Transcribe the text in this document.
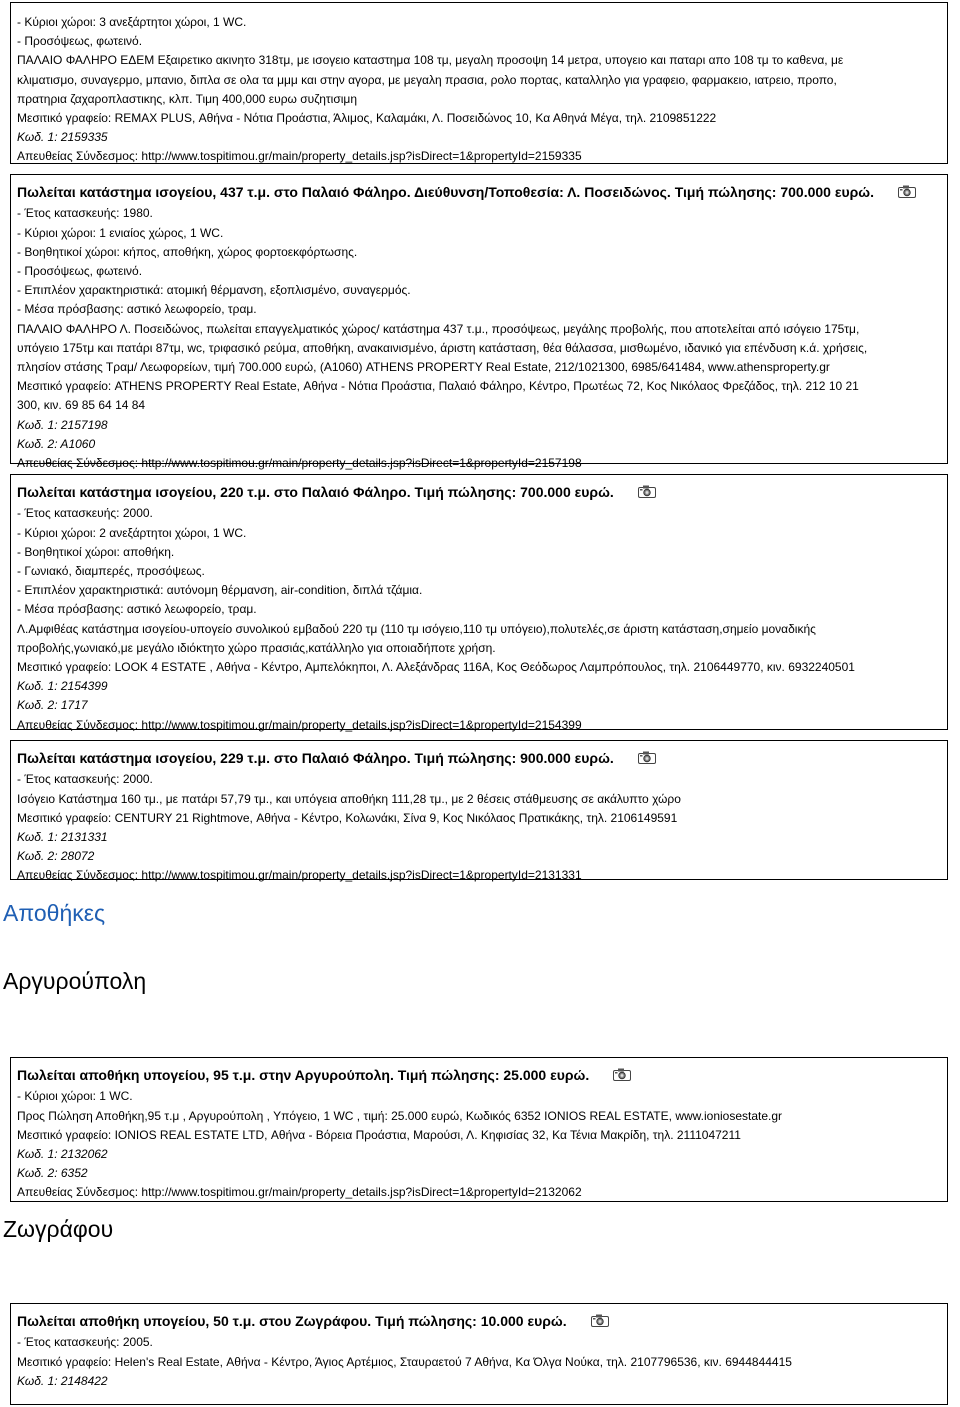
- Κύριοι χώροι: 3 ανεξάρτητοι χώροι, 1 WC.
- Προσόψεως, φωτεινό.
ΠΑΛΑΙΟ ΦΑΛΗΡΟ ΕΔΕΜ Εξαιρετικο ακινητο 318τμ, με ισογειο καταστημα 108 τμ, μεγαλη προσοψη 14 μετρα, υπογειο και παταρι απο 108 τμ το καθενα, με
κλιματισμο, συναγερμο, μπανιο, διπλα σε ολα τα μμμ και στην αγορα, με μεγαλη πρασια, ρολο πορτας, καταλληλο για γραφειο, φαρμακειο, ιατρειο, προπο,
πρατηρια ζαχαροπλαστικης, κλπ. Τιμη 400,000 ευρω συζητισιμη
Μεσιτικό γραφείο: REMAX PLUS, Αθήνα - Νότια Προάστια, Άλιμος, Καλαμάκι, Λ. Ποσειδώνος 10, Κα Αθηνά Μέγα, τηλ. 2109851222
Κωδ. 1: 2159335
Απευθείας Σύνδεσμος: http://www.tospitimou.gr/main/property_details.jsp?isDirect=1&propertyId=2159335
Πωλείται κατάστημα ισογείου, 437 τ.μ. στο Παλαιό Φάληρο. Διεύθυνση/Τοποθεσία: Λ. Ποσειδώνος. Τιμή πώλησης: 700.000 ευρώ.
- Έτος κατασκευής: 1980.
- Κύριοι χώροι: 1 ενιαίος χώρος, 1 WC.
- Βοηθητικοί χώροι: κήπος, αποθήκη, χώρος φορτοεκφόρτωσης.
- Προσόψεως, φωτεινό.
- Επιπλέον χαρακτηριστικά: ατομική θέρμανση, εξοπλισμένο, συναγερμός.
- Μέσα πρόσβασης: αστικό λεωφορείο, τραμ.
ΠΑΛΑΙΟ ΦΑΛΗΡΟ Λ. Ποσειδώνος, πωλείται επαγγελματικός χώρος/ κατάστημα 437 τ.μ., προσόψεως, μεγάλης προβολής, που αποτελείται από ισόγειο 175τμ,
υπόγειο 175τμ και πατάρι 87τμ, wc, τριφασικό ρεύμα, αποθήκη, ανακαινισμένο, άριστη κατάσταση, θέα θάλασσα, μισθωμένο, ιδανικό για επένδυση κ.ά. χρήσεις,
πλησίον στάσης Τραμ/ Λεωφορείων, τιμή 700.000 ευρώ, (Α1060) ATHENS PROPERTY Real Estate, 212/1021300, 6985/641484, www.athensproperty.gr
Μεσιτικό γραφείο: ATHENS PROPERTY Real Estate, Αθήνα - Νότια Προάστια, Παλαιό Φάληρο, Κέντρο, Πρωτέως 72, Κος Νικόλαος Φρεζάδος, τηλ. 212 10 21
300, κιν. 69 85 64 14 84
Κωδ. 1: 2157198
Κωδ. 2: Α1060
Απευθείας Σύνδεσμος: http://www.tospitimou.gr/main/property_details.jsp?isDirect=1&propertyId=2157198
Πωλείται κατάστημα ισογείου, 220 τ.μ. στο Παλαιό Φάληρο. Τιμή πώλησης: 700.000 ευρώ.
- Έτος κατασκευής: 2000.
- Κύριοι χώροι: 2 ανεξάρτητοι χώροι, 1 WC.
- Βοηθητικοί χώροι: αποθήκη.
- Γωνιακό, διαμπερές, προσόψεως.
- Επιπλέον χαρακτηριστικά: αυτόνομη θέρμανση, air-condition, διπλά τζάμια.
- Μέσα πρόσβασης: αστικό λεωφορείο, τραμ.
Λ.Αμφιθέας κατάστημα ισογείου-υπογείο συνολικού εμβαδού 220 τμ (110 τμ ισόγειο,110 τμ υπόγειο),πολυτελές,σε άριστη κατάσταση,σημείο μοναδικής
προβολής,γωνιακό,με μεγάλο ιδιόκτητο χώρο πρασιάς,κατάλληλο για οποιαδήποτε χρήση.
Μεσιτικό γραφείο: LOOK 4 ESTATE , Αθήνα - Κέντρο, Αμπελόκηποι, Λ. Αλεξάνδρας 116Α, Κος Θεόδωρος Λαμπρόπουλος, τηλ. 2106449770, κιν. 6932240501
Κωδ. 1: 2154399
Κωδ. 2: 1717
Απευθείας Σύνδεσμος: http://www.tospitimou.gr/main/property_details.jsp?isDirect=1&propertyId=2154399
Πωλείται κατάστημα ισογείου, 229 τ.μ. στο Παλαιό Φάληρο. Τιμή πώλησης: 900.000 ευρώ.
- Έτος κατασκευής: 2000.
Ισόγειο Κατάστημα 160 τμ., με πατάρι 57,79 τμ., και υπόγεια αποθήκη 111,28 τμ., με 2 θέσεις στάθμευσης σε ακάλυπτο χώρο
Μεσιτικό γραφείο: CENTURY 21 Rightmove, Αθήνα - Κέντρο, Κολωνάκι, Σίνα 9, Κος Νικόλαος Πρατικάκης, τηλ. 2106149591
Κωδ. 1: 2131331
Κωδ. 2: 28072
Απευθείας Σύνδεσμος: http://www.tospitimou.gr/main/property_details.jsp?isDirect=1&propertyId=2131331
Αποθήκες
Αργυρούπολη
Πωλείται αποθήκη υπογείου, 95 τ.μ. στην Αργυρούπολη. Τιμή πώλησης: 25.000 ευρώ.
- Κύριοι χώροι: 1 WC.
Προς Πώληση Αποθήκη,95 τ.μ , Αργυρούπολη , Υπόγειο, 1 WC , τιμή: 25.000 ευρώ, Κωδικός 6352 IONIOS REAL ESTATE, www.ioniosestate.gr
Μεσιτικό γραφείο: IONIOS REAL ESTATE LTD, Αθήνα - Βόρεια Προάστια, Μαρούσι, Λ. Κηφισίας 32, Κα Τένια Μακρίδη, τηλ. 2111047211
Κωδ. 1: 2132062
Κωδ. 2: 6352
Απευθείας Σύνδεσμος: http://www.tospitimou.gr/main/property_details.jsp?isDirect=1&propertyId=2132062
Ζωγράφου
Πωλείται αποθήκη υπογείου, 50 τ.μ. στου Ζωγράφου. Τιμή πώλησης: 10.000 ευρώ.
- Έτος κατασκευής: 2005.
Μεσιτικό γραφείο: Helen's Real Estate, Αθήνα - Κέντρο, Άγιος Αρτέμιος, Σταυραετού 7 Αθήνα, Κα Όλγα Νούκα, τηλ. 2107796536, κιν. 6944844415
Κωδ. 1: 2148422
